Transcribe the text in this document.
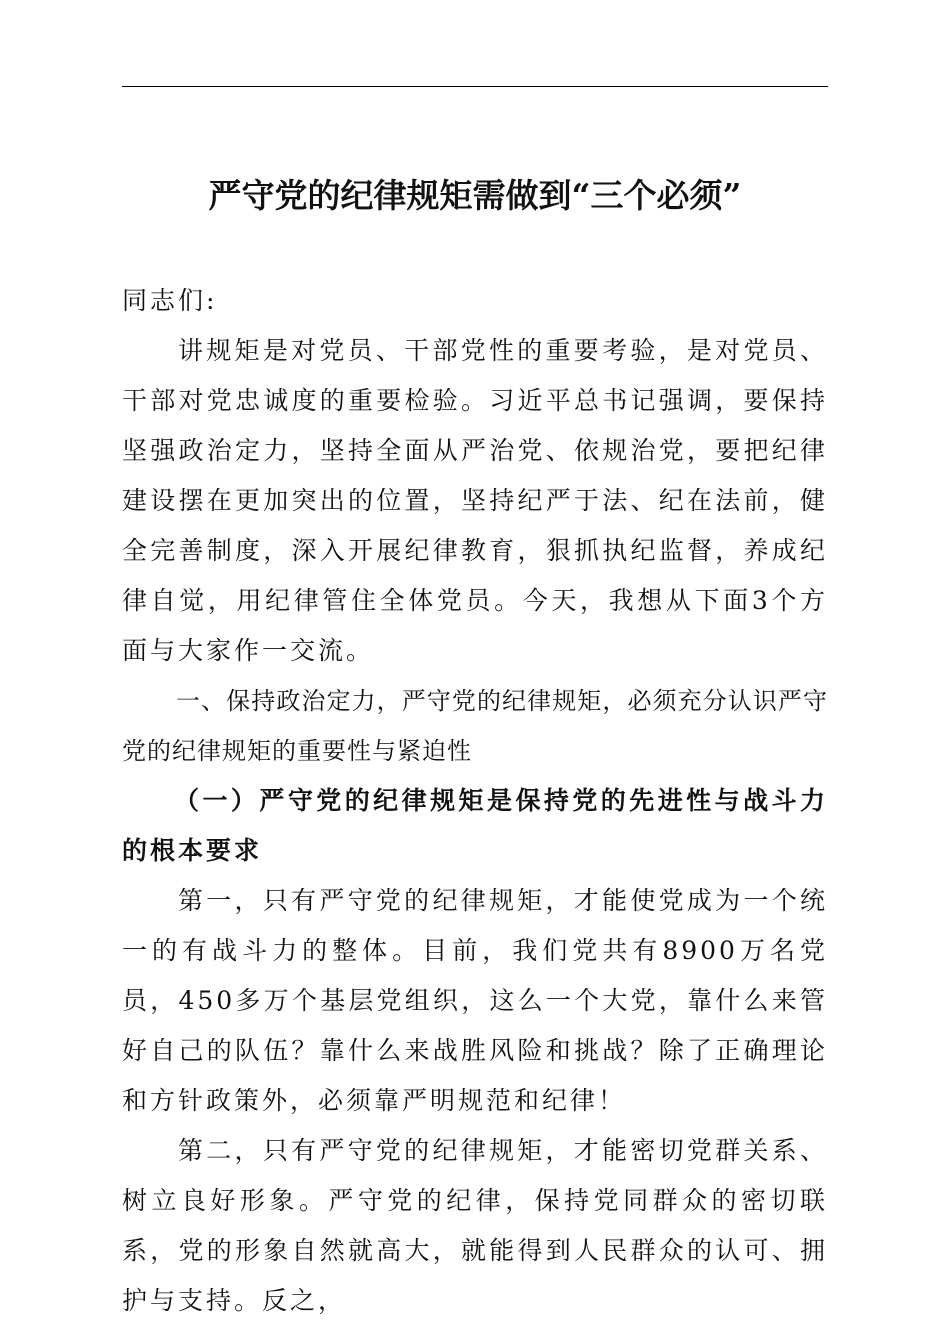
严守党的纪律规矩需做到“三个必须”

同志们:

讲规矩是对党员、干部党性的重要考验，是对党员、干部对党忠诚度的重要检验。习近平总书记强调，要保持坚强政治定力，坚持全面从严治党、依规治党，要把纪律建设摆在更加突出的位置，坚持纪严于法、纪在法前，健全完善制度，深入开展纪律教育，狠抓执纪监督，养成纪律自觉，用纪律管住全体党员。今天，我想从下面3个方面与大家作一交流。

一、保持政治定力，严守党的纪律规矩，必须充分认识严守党的纪律规矩的重要性与紧迫性

（一）严守党的纪律规矩是保持党的先进性与战斗力的根本要求

第一，只有严守党的纪律规矩，才能使党成为一个统一的有战斗力的整体。目前，我们党共有8900万名党员，450多万个基层党组织，这么一个大党，靠什么来管好自己的队伍？靠什么来战胜风险和挑战？除了正确理论和方针政策外，必须靠严明规范和纪律！

第二，只有严守党的纪律规矩，才能密切党群关系、树立良好形象。严守党的纪律，保持党同群众的密切联系，党的形象自然就高大，就能得到人民群众的认可、拥护与支持。反之，
